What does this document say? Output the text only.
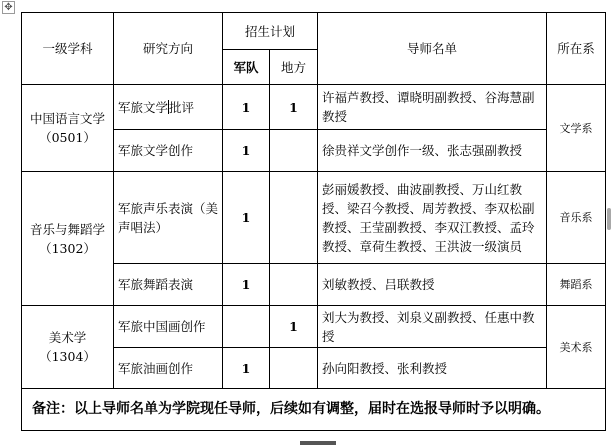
✥
一级学科	研究方向	招生计划		导师名单	所在系
		军队	地方		
中国语言文学（0501）	军旅文学批评	1	1	许福芦教授、谭晓明副教授、谷海慧副教授	文学系
	军旅文学创作	1		徐贵祥文学创作一级、张志强副教授	
音乐与舞蹈学（1302）	军旅声乐表演（美声唱法）	1		彭丽媛教授、曲波副教授、万山红教授、梁召今教授、周芳教授、李双松副教授、王莹副教授、李双江教授、孟玲教授、章荷生教授、王洪波一级演员	音乐系
	军旅舞蹈表演	1		刘敏教授、吕联教授	舞蹈系
美术学（1304）	军旅中国画创作		1	刘大为教授、刘泉义副教授、任惠中教授	美术系
	军旅油画创作	1		孙向阳教授、张利教授	
备注：以上导师名单为学院现任导师，后续如有调整，届时在选报导师时予以明确。					
